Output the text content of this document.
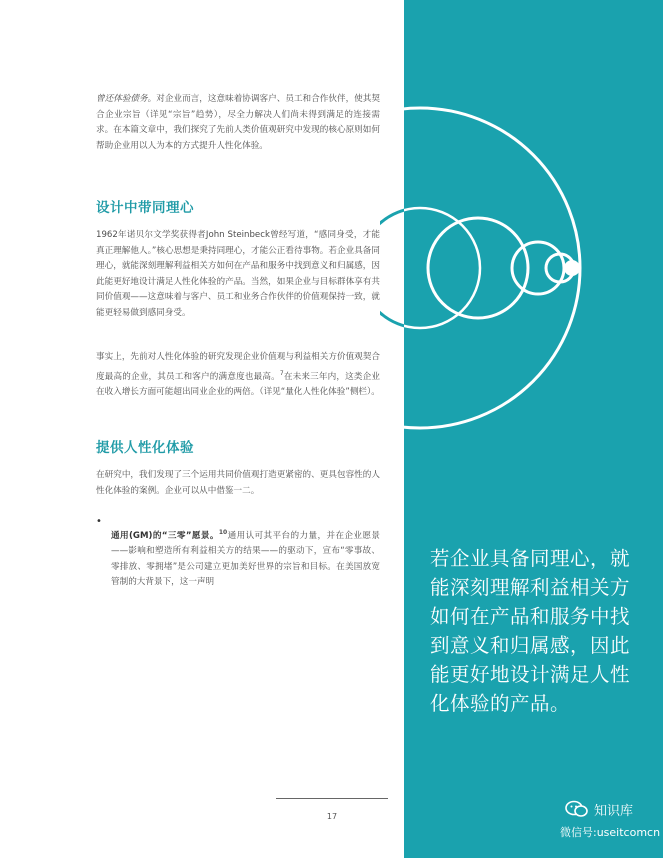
曾还体验债务。对企业而言，这意味着协调客户、员工和合作伙伴，使其契合企业宗旨（详见“宗旨”趋势），尽全力解决人们尚未得到满足的连接需求。在本篇文章中，我们探究了先前人类价值观研究中发现的核心原则如何帮助企业用以人为本的方式提升人性化体验。

设计中带同理心

1962年诺贝尔文学奖获得者John Steinbeck曾经写道，“感同身受，才能真正理解他人。”核心思想是秉持同理心，才能公正看待事物。若企业具备同理心，就能深刻理解利益相关方如何在产品和服务中找到意义和归属感，因此能更好地设计满足人性化体验的产品。当然，如果企业与目标群体享有共同价值观——这意味着与客户、员工和业务合作伙伴的价值观保持一致，就能更轻易做到感同身受。

事实上，先前对人性化体验的研究发现企业价值观与利益相关方价值观契合度最高的企业，其员工和客户的满意度也最高。$^7$在未来三年内，这类企业在收入增长方面可能超出同业企业的两倍。（详见“量化人性化体验”侧栏）。

提供人性化体验

在研究中，我们发现了三个运用共同价值观打造更紧密的、更具包容性的人性化体验的案例。企业可以从中借鉴一二。

•

通用(GM)的“三零”愿景。$^{10}$通用认可其平台的力量，并在企业愿景——影响和塑造所有利益相关方的结果——的驱动下，宣布“零事故、零排放、零拥堵”是公司建立更加美好世界的宗旨和目标。在美国放宽管制的大背景下，这一声明

若企业具备同理心，就能深刻理解利益相关方如何在产品和服务中找到意义和归属感，因此能更好地设计满足人性化体验的产品。

17	知识库
微信号:useitcomcn
